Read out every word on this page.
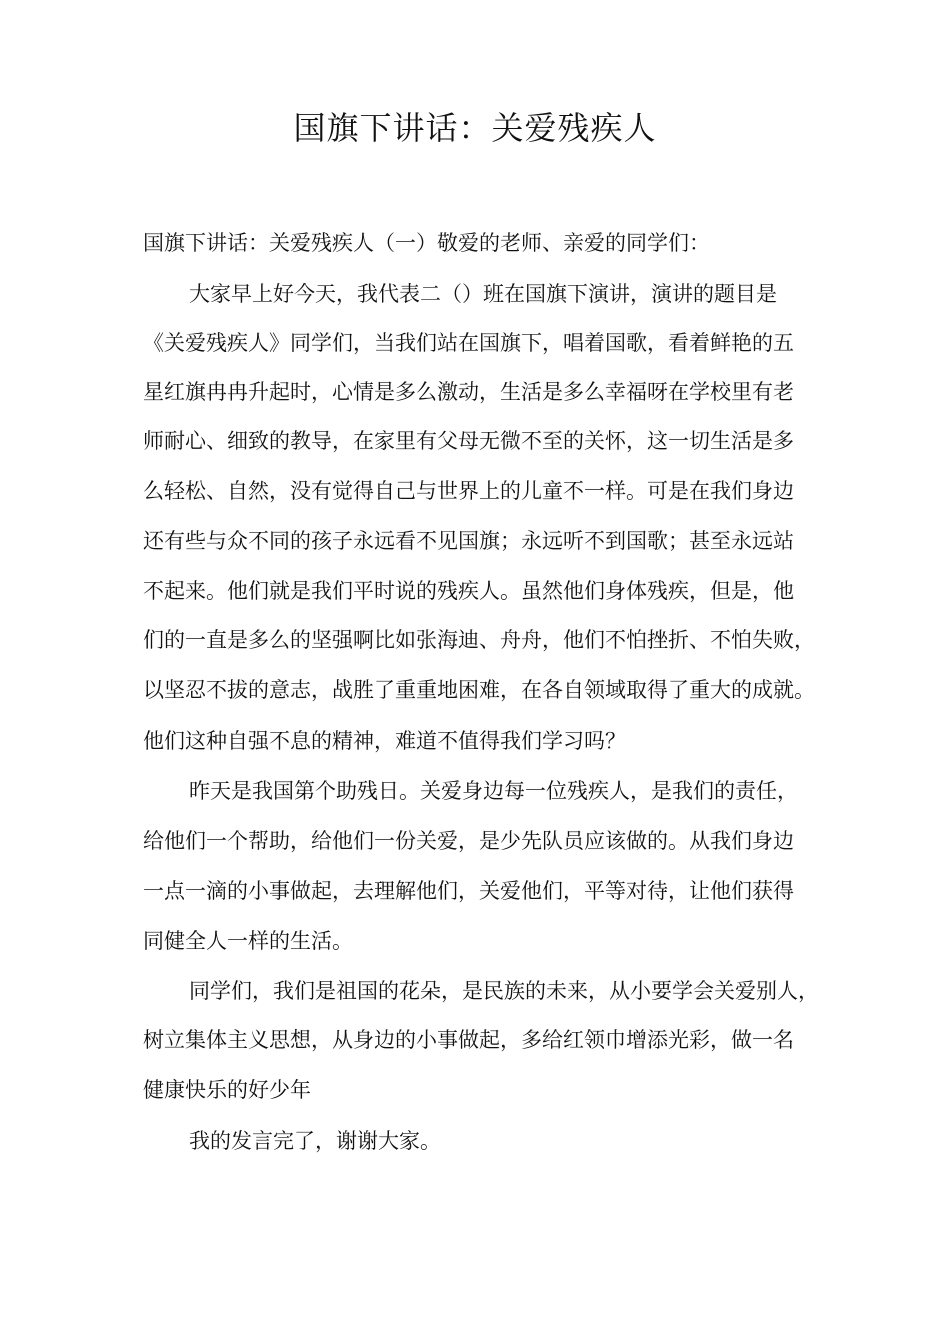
国旗下讲话：关爱残疾人

国旗下讲话：关爱残疾人（一）敬爱的老师、亲爱的同学们：

大家早上好今天，我代表二（）班在国旗下演讲，演讲的题目是

《关爱残疾人》同学们，当我们站在国旗下，唱着国歌，看着鲜艳的五

星红旗冉冉升起时，心情是多么激动，生活是多么幸福呀在学校里有老

师耐心、细致的教导，在家里有父母无微不至的关怀，这一切生活是多

么轻松、自然，没有觉得自己与世界上的儿童不一样。可是在我们身边

还有些与众不同的孩子永远看不见国旗；永远听不到国歌；甚至永远站

不起来。他们就是我们平时说的残疾人。虽然他们身体残疾，但是，他

们的一直是多么的坚强啊比如张海迪、舟舟，他们不怕挫折、不怕失败，

以坚忍不拔的意志，战胜了重重地困难，在各自领域取得了重大的成就。

他们这种自强不息的精神，难道不值得我们学习吗？

昨天是我国第个助残日。关爱身边每一位残疾人，是我们的责任，

给他们一个帮助，给他们一份关爱，是少先队员应该做的。从我们身边

一点一滴的小事做起，去理解他们，关爱他们，平等对待，让他们获得

同健全人一样的生活。

同学们，我们是祖国的花朵，是民族的未来，从小要学会关爱别人，

树立集体主义思想，从身边的小事做起，多给红领巾增添光彩，做一名

健康快乐的好少年

我的发言完了，谢谢大家。
